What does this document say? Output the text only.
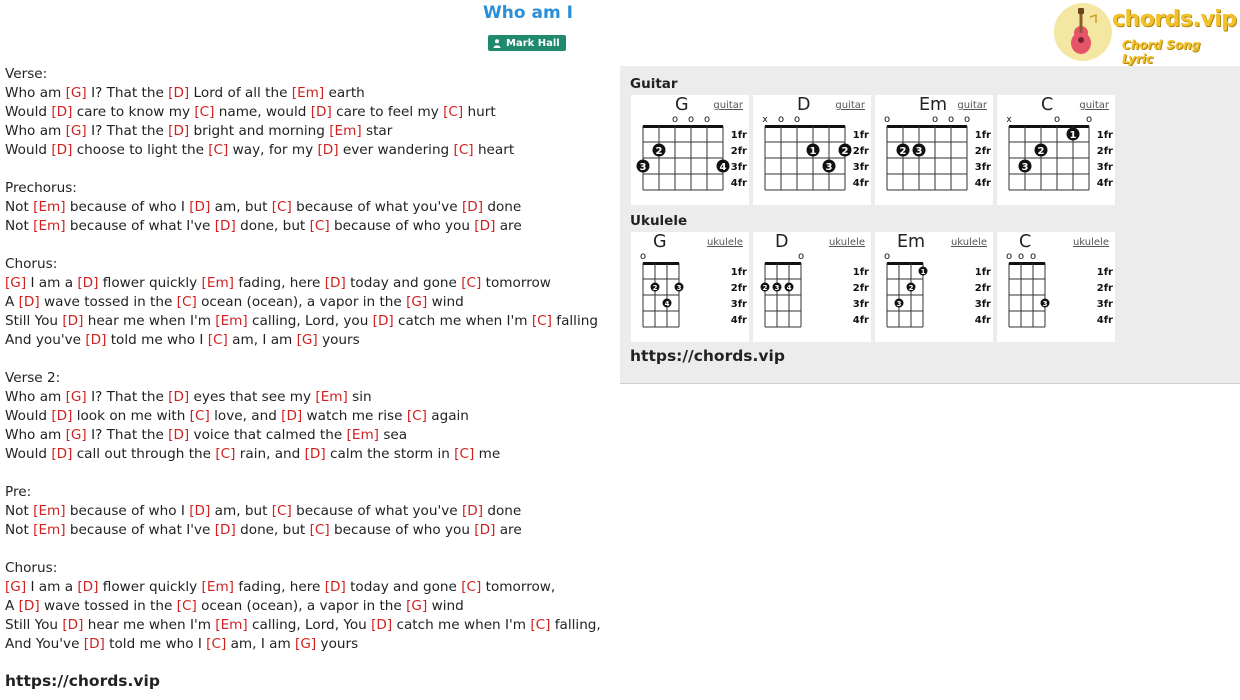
Who am I
Mark Hall
chords.vip
Chord Song Lyric
Verse:
Who am [G] I? That the [D] Lord of all the [Em] earth
Would [D] care to know my [C] name, would [D] care to feel my [C] hurt
Who am [G] I? That the [D] bright and morning [Em] star
Would [D] choose to light the [C] way, for my [D] ever wandering [C] heart
Prechorus:
Not [Em] because of who I [D] am, but [C] because of what you've [D] done
Not [Em] because of what I've [D] done, but [C] because of who you [D] are
Chorus:
[G] I am a [D] flower quickly [Em] fading, here [D] today and gone [C] tomorrow
A [D] wave tossed in the [C] ocean (ocean), a vapor in the [G] wind
Still You [D] hear me when I'm [Em] calling, Lord, you [D] catch me when I'm [C] falling
And you've [D] told me who I [C] am, I am [G] yours
Verse 2:
Who am [G] I? That the [D] eyes that see my [Em] sin
Would [D] look on me with [C] love, and [D] watch me rise [C] again
Who am [G] I? That the [D] voice that calmed the [Em] sea
Would [D] call out through the [C] rain, and [D] calm the storm in [C] me
Pre:
Not [Em] because of who I [D] am, but [C] because of what you've [D] done
Not [Em] because of what I've [D] done, but [C] because of who you [D] are
Chorus:
[G] I am a [D] flower quickly [Em] fading, here [D] today and gone [C] tomorrow,
A [D] wave tossed in the [C] ocean (ocean), a vapor in the [G] wind
Still You [D] hear me when I'm [Em] calling, Lord, You [D] catch me when I'm [C] falling,
And You've [D] told me who I [C] am, I am [G] yours
https://chords.vip
Guitar
o o o
3
2
4
1fr
2fr
3fr
4fr
G guitar
x o o
1	2
3
1fr
2fr
3fr
4fr
D guitar
o	o o o
2 3
1fr
2fr
3fr
4fr
Em guitar
x	o	o
1
2
3
1fr
2fr
3fr
4fr
C	guitar
Ukulele
o
2	3
4
1fr
2fr
3fr
4fr
G	ukulele
o
2 3 4
1fr
2fr
3fr
4fr
D	ukulele
o
1
2
3
1fr
2fr
3fr
4fr
Em	ukulele
o o o
3
1fr
2fr
3fr
4fr
C	ukulele
https://chords.vip
